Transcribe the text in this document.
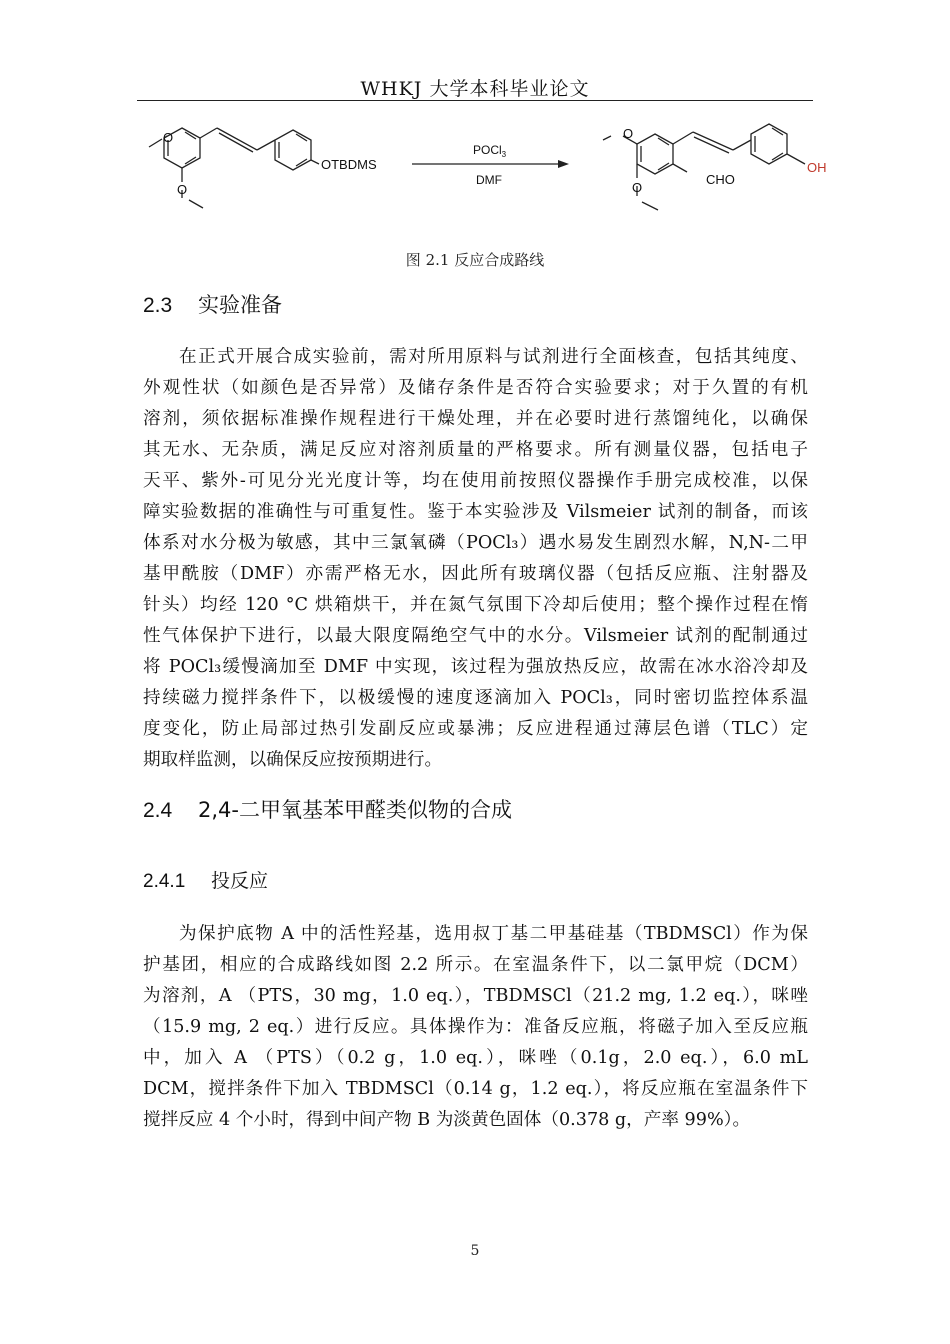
WHKJ 大学本科毕业论文
O
O
OTBDMS
POCl$_3$
DMF
O
O
CHO
OH
图 2.1 反应合成路线
2.3 实验准备
在正式开展合成实验前，需对所用原料与试剂进行全面核查，包括其纯度、
外观性状（如颜色是否异常）及储存条件是否符合实验要求；对于久置的有机
溶剂，须依据标准操作规程进行干燥处理，并在必要时进行蒸馏纯化，以确保
其无水、无杂质，满足反应对溶剂质量的严格要求。所有测量仪器，包括电子
天平、紫外-可见分光光度计等，均在使用前按照仪器操作手册完成校准，以保
障实验数据的准确性与可重复性。鉴于本实验涉及 Vilsmeier 试剂的制备，而该
体系对水分极为敏感，其中三氯氧磷（POCl₃）遇水易发生剧烈水解，N,N-二甲
基甲酰胺（DMF）亦需严格无水，因此所有玻璃仪器（包括反应瓶、注射器及
针头）均经 120 °C 烘箱烘干，并在氮气氛围下冷却后使用；整个操作过程在惰
性气体保护下进行，以最大限度隔绝空气中的水分。Vilsmeier 试剂的配制通过
将 POCl₃缓慢滴加至 DMF 中实现，该过程为强放热反应，故需在冰水浴冷却及
持续磁力搅拌条件下，以极缓慢的速度逐滴加入 POCl₃，同时密切监控体系温
度变化，防止局部过热引发副反应或暴沸；反应进程通过薄层色谱（TLC）定
期取样监测，以确保反应按预期进行。
2.4 2,4-二甲氧基苯甲醛类似物的合成
2.4.1 投反应
为保护底物 A 中的活性羟基，选用叔丁基二甲基硅基（TBDMSCl）作为保
护基团，相应的合成路线如图 2.2 所示。在室温条件下，以二氯甲烷（DCM）
为溶剂，A （PTS，30 mg，1.0 eq.），TBDMSCl（21.2 mg, 1.2 eq.），咪唑
（15.9 mg, 2 eq.）进行反应。具体操作为：准备反应瓶，将磁子加入至反应瓶
中，加入 A （PTS）（0.2 g，1.0 eq.），咪唑（0.1g，2.0 eq.），6.0 mL
DCM，搅拌条件下加入 TBDMSCl（0.14 g，1.2 eq.），将反应瓶在室温条件下
搅拌反应 4 个小时，得到中间产物 B 为淡黄色固体（0.378 g，产率 99%）。
5
